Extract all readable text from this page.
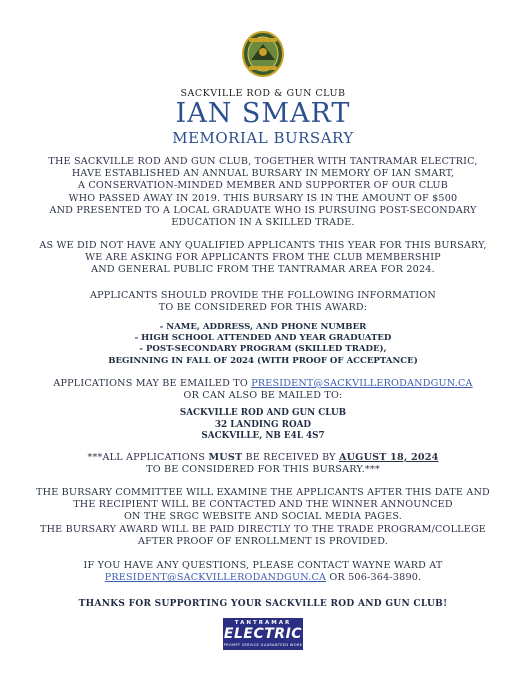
SACKVILLE ROD & GUN CLUB
IAN SMART
MEMORIAL BURSARY
THE SACKVILLE ROD AND GUN CLUB, TOGETHER WITH TANTRAMAR ELECTRIC,
HAVE ESTABLISHED AN ANNUAL BURSARY IN MEMORY OF IAN SMART,
A CONSERVATION-MINDED MEMBER AND SUPPORTER OF OUR CLUB
WHO PASSED AWAY IN 2019. THIS BURSARY IS IN THE AMOUNT OF $500
AND PRESENTED TO A LOCAL GRADUATE WHO IS PURSUING POST-SECONDARY
EDUCATION IN A SKILLED TRADE.
AS WE DID NOT HAVE ANY QUALIFIED APPLICANTS THIS YEAR FOR THIS BURSARY,
WE ARE ASKING FOR APPLICANTS FROM THE CLUB MEMBERSHIP
AND GENERAL PUBLIC FROM THE TANTRAMAR AREA FOR 2024.
APPLICANTS SHOULD PROVIDE THE FOLLOWING INFORMATION
TO BE CONSIDERED FOR THIS AWARD:
- NAME, ADDRESS, AND PHONE NUMBER
- HIGH SCHOOL ATTENDED AND YEAR GRADUATED
- POST-SECONDARY PROGRAM (SKILLED TRADE),
BEGINNING IN FALL OF 2024 (WITH PROOF OF ACCEPTANCE)
APPLICATIONS MAY BE EMAILED TO PRESIDENT@SACKVILLERODANDGUN.CA
OR CAN ALSO BE MAILED TO:
SACKVILLE ROD AND GUN CLUB
32 LANDING ROAD
SACKVILLE, NB E4L 4S7
***ALL APPLICATIONS MUST BE RECEIVED BY AUGUST 18, 2024
TO BE CONSIDERED FOR THIS BURSARY.***
THE BURSARY COMMITTEE WILL EXAMINE THE APPLICANTS AFTER THIS DATE AND
THE RECIPIENT WILL BE CONTACTED AND THE WINNER ANNOUNCED
ON THE SRGC WEBSITE AND SOCIAL MEDIA PAGES.
THE BURSARY AWARD WILL BE PAID DIRECTLY TO THE TRADE PROGRAM/COLLEGE
AFTER PROOF OF ENROLLMENT IS PROVIDED.
IF YOU HAVE ANY QUESTIONS, PLEASE CONTACT WAYNE WARD AT
PRESIDENT@SACKVILLERODANDGUN.CA OR 506-364-3890.
THANKS FOR SUPPORTING YOUR SACKVILLE ROD AND GUN CLUB!
TANTRAMAR
ELECTRIC
PROMPT SERVICE GUARANTEED WORK
